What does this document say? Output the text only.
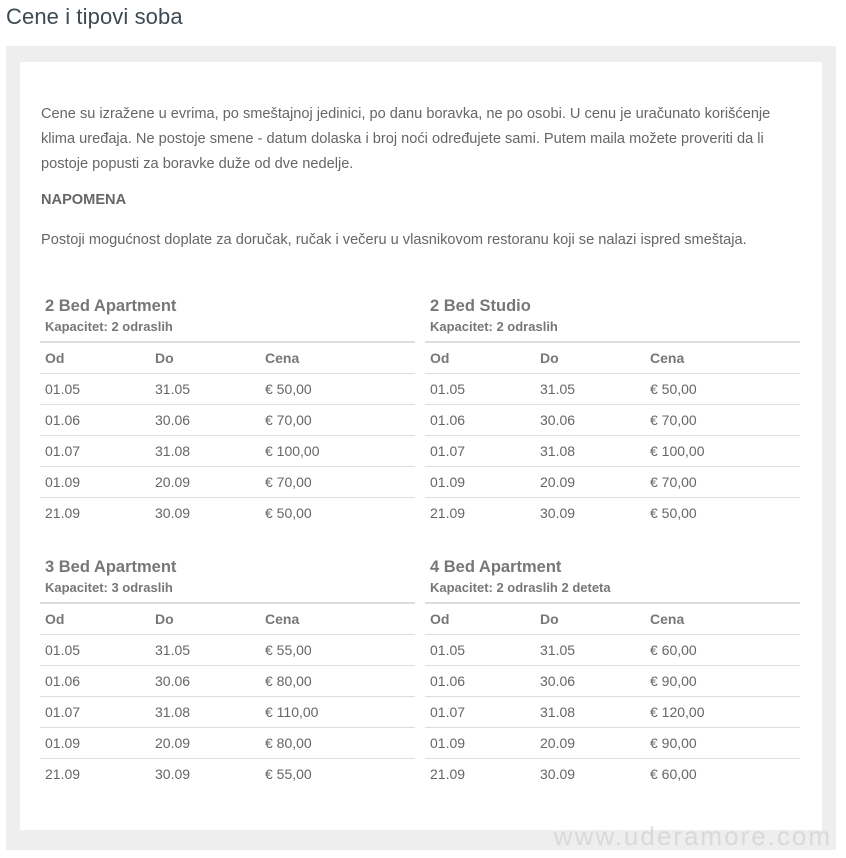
Cene i tipovi soba

Cene su izražene u evrima, po smeštajnoj jedinici, po danu boravka, ne po osobi. U cenu je uračunato korišćenje klima uređaja. Ne postoje smene - datum dolaska i broj noći određujete sami. Putem maila možete proveriti da li postoje popusti za boravke duže od dve nedelje.

NAPOMENA

Postoji mogućnost doplate za doručak, ručak i večeru u vlasnikovom restoranu koji se nalazi ispred smeštaja.

2 Bed Apartment
Kapacitet: 2 odraslih
Od	Do	Cena
01.05	31.05	€ 50,00
01.06	30.06	€ 70,00
01.07	31.08	€ 100,00
01.09	20.09	€ 70,00
21.09	30.09	€ 50,00
2 Bed Studio
Kapacitet: 2 odraslih
Od	Do	Cena
01.05	31.05	€ 50,00
01.06	30.06	€ 70,00
01.07	31.08	€ 100,00
01.09	20.09	€ 70,00
21.09	30.09	€ 50,00
3 Bed Apartment
Kapacitet: 3 odraslih
Od	Do	Cena
01.05	31.05	€ 55,00
01.06	30.06	€ 80,00
01.07	31.08	€ 110,00
01.09	20.09	€ 80,00
21.09	30.09	€ 55,00
4 Bed Apartment
Kapacitet: 2 odraslih 2 deteta
Od	Do	Cena
01.05	31.05	€ 60,00
01.06	30.06	€ 90,00
01.07	31.08	€ 120,00
01.09	20.09	€ 90,00
21.09	30.09	€ 60,00
www.uderamore.com
